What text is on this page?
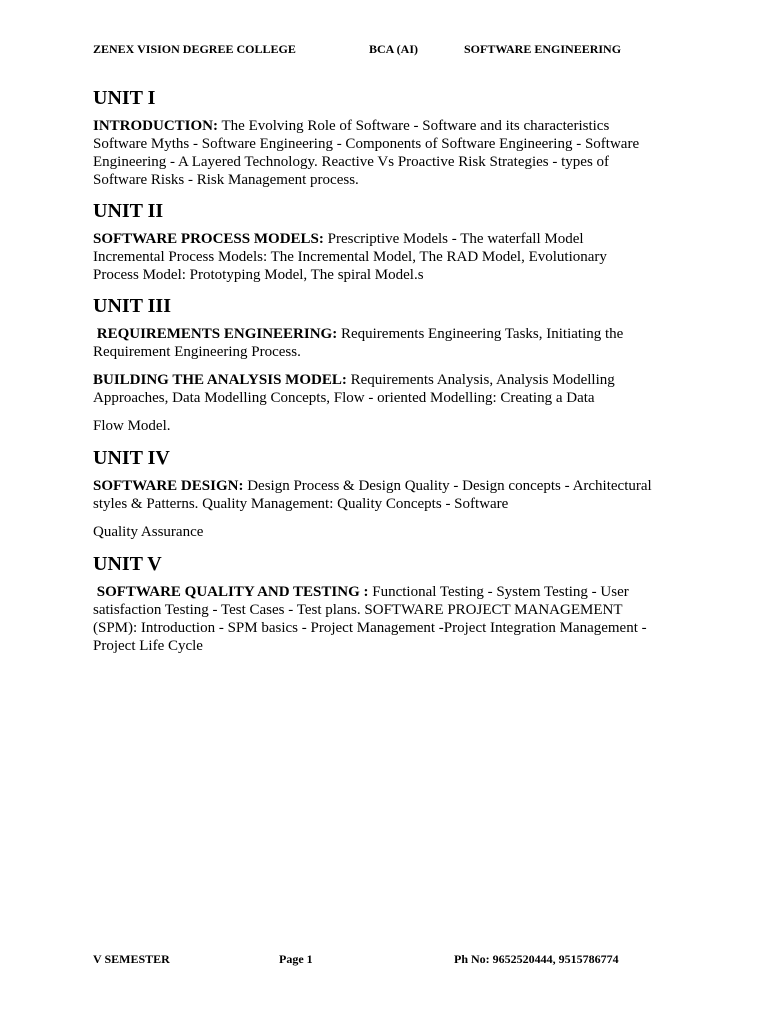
ZENEX VISION DEGREE COLLEGE	BCA (AI)	SOFTWARE ENGINEERING
UNIT I

INTRODUCTION: The Evolving Role of Software - Software and its characteristics Software Myths - Software Engineering - Components of Software Engineering - Software Engineering - A Layered Technology. Reactive Vs Proactive Risk Strategies - types of Software Risks - Risk Management process.

UNIT II

SOFTWARE PROCESS MODELS: Prescriptive Models - The waterfall Model Incremental Process Models: The Incremental Model, The RAD Model, Evolutionary Process Model: Prototyping Model, The spiral Model.s

UNIT III

REQUIREMENTS ENGINEERING: Requirements Engineering Tasks, Initiating the Requirement Engineering Process.

BUILDING THE ANALYSIS MODEL: Requirements Analysis, Analysis Modelling Approaches, Data Modelling Concepts, Flow - oriented Modelling: Creating a Data

Flow Model.

UNIT IV

SOFTWARE DESIGN: Design Process & Design Quality - Design concepts - Architectural styles & Patterns. Quality Management: Quality Concepts - Software

Quality Assurance

UNIT V

SOFTWARE QUALITY AND TESTING : Functional Testing - System Testing - User satisfaction Testing - Test Cases - Test plans. SOFTWARE PROJECT MANAGEMENT (SPM): Introduction - SPM basics - Project Management -Project Integration Management - Project Life Cycle

V SEMESTER	Page 1	Ph No: 9652520444, 9515786774
